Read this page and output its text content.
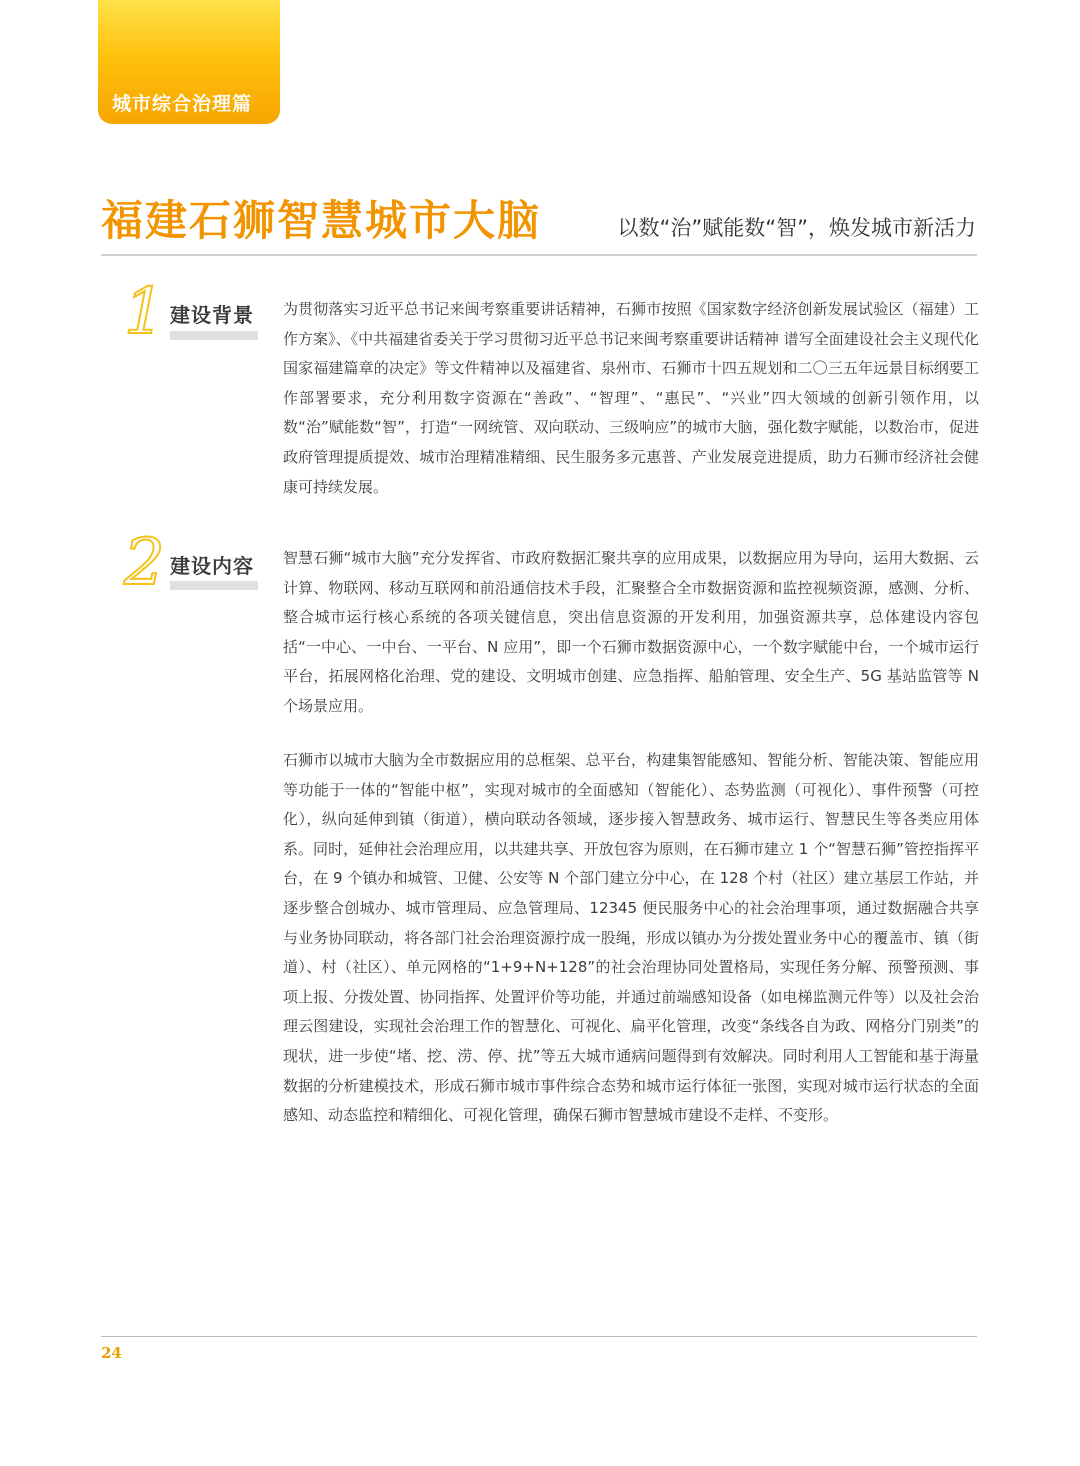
城市综合治理篇
福建石狮智慧城市大脑	以数“治”赋能数“智”，焕发城市新活力
1 建设背景 为贯彻落实习近平总书记来闽考察重要讲话精神，石狮市按照《国家数字经济创新发展试验区（福建）工作方案》、《中共福建省委关于学习贯彻习近平总书记来闽考察重要讲话精神 谱写全面建设社会主义现代化国家福建篇章的决定》等文件精神以及福建省、泉州市、石狮市十四五规划和二〇三五年远景目标纲要工作部署要求，充分利用数字资源在“善政”、“智理”、“惠民”、“兴业”四大领域的创新引领作用，以数“治”赋能数“智”，打造“一网统管、双向联动、三级响应”的城市大脑，强化数字赋能，以数治市，促进政府管理提质提效、城市治理精准精细、民生服务多元惠普、产业发展竞进提质，助力石狮市经济社会健康可持续发展。

2 建设内容 智慧石狮“城市大脑”充分发挥省、市政府数据汇聚共享的应用成果，以数据应用为导向，运用大数据、云计算、物联网、移动互联网和前沿通信技术手段，汇聚整合全市数据资源和监控视频资源，感测、分析、整合城市运行核心系统的各项关键信息，突出信息资源的开发利用，加强资源共享，总体建设内容包括“一中心、一中台、一平台、N 应用”，即一个石狮市数据资源中心，一个数字赋能中台，一个城市运行平台，拓展网格化治理、党的建设、文明城市创建、应急指挥、船舶管理、安全生产、5G 基站监管等 N 个场景应用。

石狮市以城市大脑为全市数据应用的总框架、总平台，构建集智能感知、智能分析、智能决策、智能应用等功能于一体的“智能中枢”，实现对城市的全面感知（智能化）、态势监测（可视化）、事件预警（可控化），纵向延伸到镇（街道），横向联动各领域，逐步接入智慧政务、城市运行、智慧民生等各类应用体系。同时，延伸社会治理应用，以共建共享、开放包容为原则，在石狮市建立 1 个“智慧石狮”管控指挥平台，在 9 个镇办和城管、卫健、公安等 N 个部门建立分中心，在 128 个村（社区）建立基层工作站，并逐步整合创城办、城市管理局、应急管理局、12345 便民服务中心的社会治理事项，通过数据融合共享与业务协同联动，将各部门社会治理资源拧成一股绳，形成以镇办为分拨处置业务中心的覆盖市、镇（街道）、村（社区）、单元网格的“1+9+N+128”的社会治理协同处置格局，实现任务分解、预警预测、事项上报、分拨处置、协同指挥、处置评价等功能，并通过前端感知设备（如电梯监测元件等）以及社会治理云图建设，实现社会治理工作的智慧化、可视化、扁平化管理，改变“条线各自为政、网格分门别类”的现状，进一步使“堵、挖、涝、停、扰”等五大城市通病问题得到有效解决。同时利用人工智能和基于海量数据的分析建模技术，形成石狮市城市事件综合态势和城市运行体征一张图，实现对城市运行状态的全面感知、动态监控和精细化、可视化管理，确保石狮市智慧城市建设不走样、不变形。

24
